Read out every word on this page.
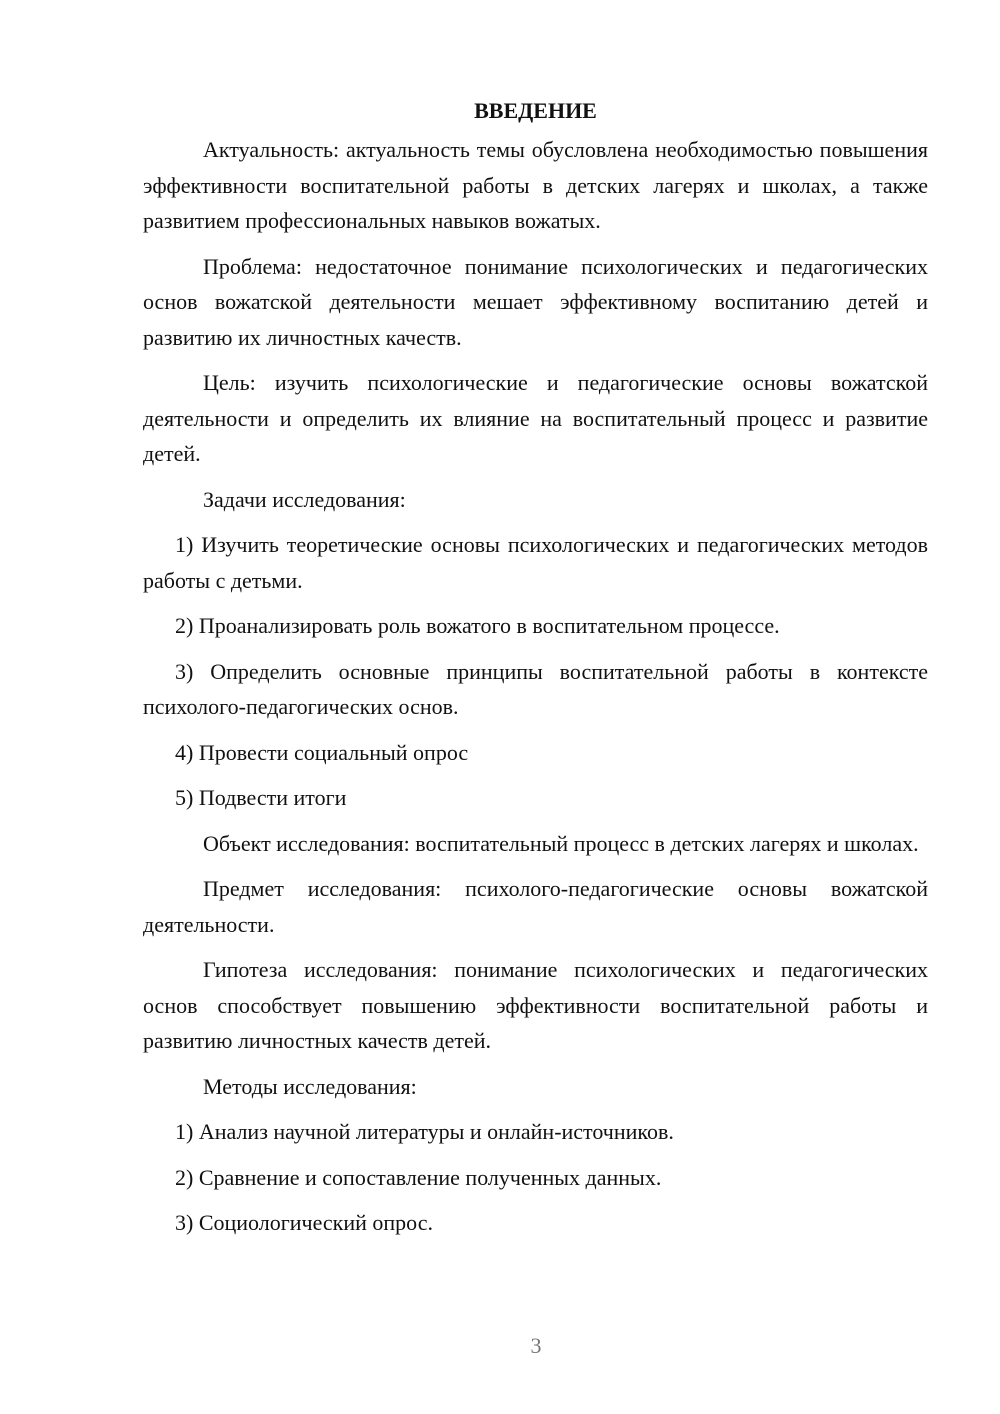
ВВЕДЕНИЕ

Актуальность: актуальность темы обусловлена необходимостью повышения эффективности воспитательной работы в детских лагерях и школах, а также развитием профессиональных навыков вожатых.

Проблема: недостаточное понимание психологических и педагогических основ вожатской деятельности мешает эффективному воспитанию детей и развитию их личностных качеств.

Цель: изучить психологические и педагогические основы вожатской деятельности и определить их влияние на воспитательный процесс и развитие детей.

Задачи исследования:

1) Изучить теоретические основы психологических и педагогических методов работы с детьми.

2) Проанализировать роль вожатого в воспитательном процессе.

3) Определить основные принципы воспитательной работы в контексте психолого-педагогических основ.

4) Провести социальный опрос

5) Подвести итоги

Объект исследования: воспитательный процесс в детских лагерях и школах.

Предмет исследования: психолого-педагогические основы вожатской деятельности.

Гипотеза исследования: понимание психологических и педагогических основ способствует повышению эффективности воспитательной работы и развитию личностных качеств детей.

Методы исследования:

1) Анализ научной литературы и онлайн-источников.

2) Сравнение и сопоставление полученных данных.

3) Социологический опрос.

3
